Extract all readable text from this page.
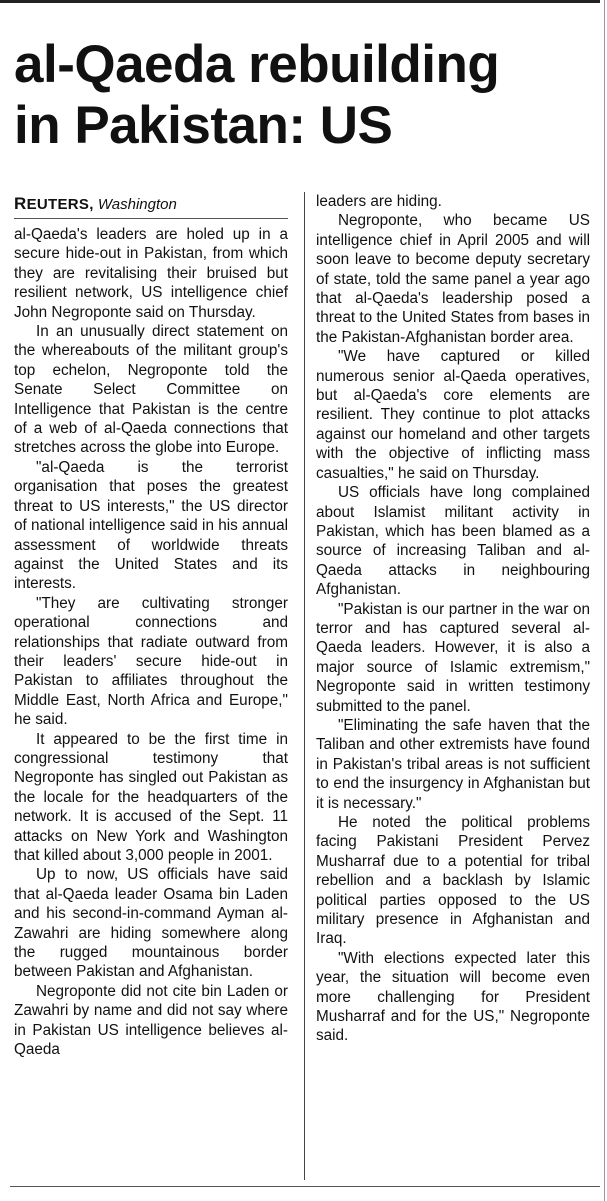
al-Qaeda rebuilding
in Pakistan: US
REUTERS, Washington

al-Qaeda's leaders are holed up in a secure hide-out in Pakistan, from which they are revitalising their bruised but resilient network, US intelligence chief John Negroponte said on Thursday.

In an unusually direct statement on the whereabouts of the militant group's top echelon, Negroponte told the Senate Select Committee on Intelligence that Pakistan is the centre of a web of al-Qaeda connections that stretches across the globe into Europe.

"al-Qaeda is the terrorist organisation that poses the greatest threat to US interests," the US director of national intelligence said in his annual assessment of worldwide threats against the United States and its interests.

"They are cultivating stronger operational connections and relationships that radiate outward from their leaders' secure hide-out in Pakistan to affiliates throughout the Middle East, North Africa and Europe," he said.

It appeared to be the first time in congressional testimony that Negroponte has singled out Pakistan as the locale for the headquarters of the network. It is accused of the Sept. 11 attacks on New York and Washington that killed about 3,000 people in 2001.

Up to now, US officials have said that al-Qaeda leader Osama bin Laden and his second-in-command Ayman al-Zawahri are hiding somewhere along the rugged mountainous border between Pakistan and Afghanistan.

Negroponte did not cite bin Laden or Zawahri by name and did not say where in Pakistan US intelligence believes al-Qaeda

leaders are hiding.

Negroponte, who became US intelligence chief in April 2005 and will soon leave to become deputy secretary of state, told the same panel a year ago that al-Qaeda's leadership posed a threat to the United States from bases in the Pakistan-Afghanistan border area.

"We have captured or killed numerous senior al-Qaeda operatives, but al-Qaeda's core elements are resilient. They continue to plot attacks against our homeland and other targets with the objective of inflicting mass casualties," he said on Thursday.

US officials have long complained about Islamist militant activity in Pakistan, which has been blamed as a source of increasing Taliban and al-Qaeda attacks in neighbouring Afghanistan.

"Pakistan is our partner in the war on terror and has captured several al-Qaeda leaders. However, it is also a major source of Islamic extremism," Negroponte said in written testimony submitted to the panel.

"Eliminating the safe haven that the Taliban and other extremists have found in Pakistan's tribal areas is not sufficient to end the insurgency in Afghanistan but it is necessary."

He noted the political problems facing Pakistani President Pervez Musharraf due to a potential for tribal rebellion and a backlash by Islamic political parties opposed to the US military presence in Afghanistan and Iraq.

"With elections expected later this year, the situation will become even more challenging for President Musharraf and for the US," Negroponte said.
